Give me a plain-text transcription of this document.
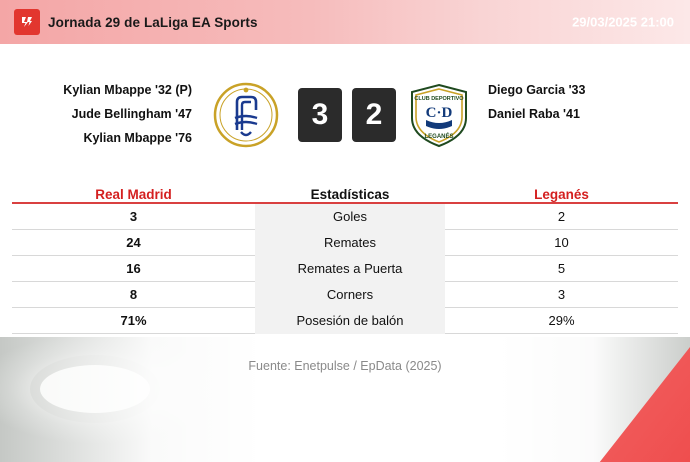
Jornada 29 de LaLiga EA Sports	29/03/2025 21:00
Kylian Mbappe '32 (P)
Jude Bellingham '47
Kylian Mbappe '76
3	2	CLUB DEPORTIVO
C·D
LEGANÉS
Diego Garcia '33
Daniel Raba '41
Real Madrid	Estadísticas	Leganés
3	Goles	2
24	Remates	10
16	Remates a Puerta	5
8	Corners	3
71%	Posesión de balón	29%
Fuente: Enetpulse / EpData (2025)
